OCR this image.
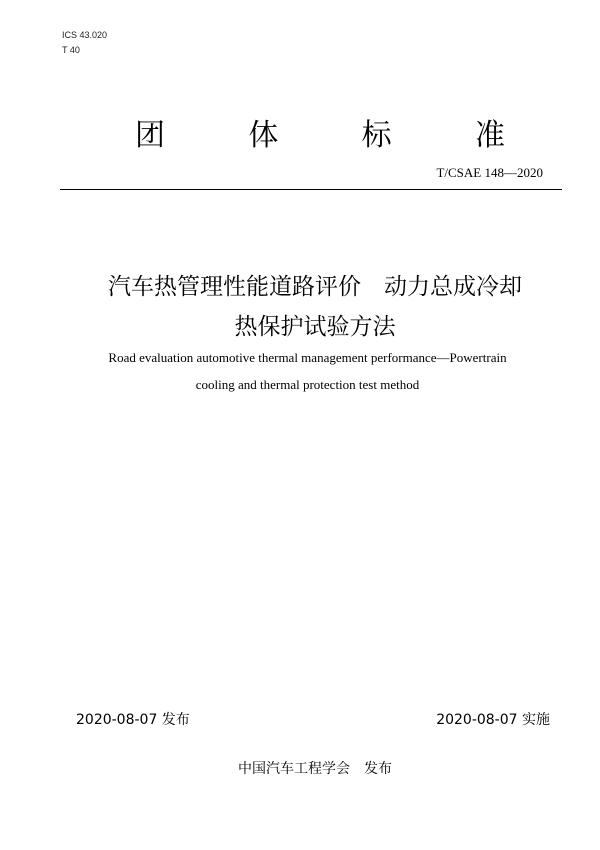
ICS 43.020
T 40
团	体	标	准
T/CSAE 148—2020
汽车热管理性能道路评价　动力总成冷却
热保护试验方法
Road evaluation automotive thermal management performance—Powertrain
cooling and thermal protection test method
2020-08-07 发布	2020-08-07 实施
中国汽车工程学会　发布
